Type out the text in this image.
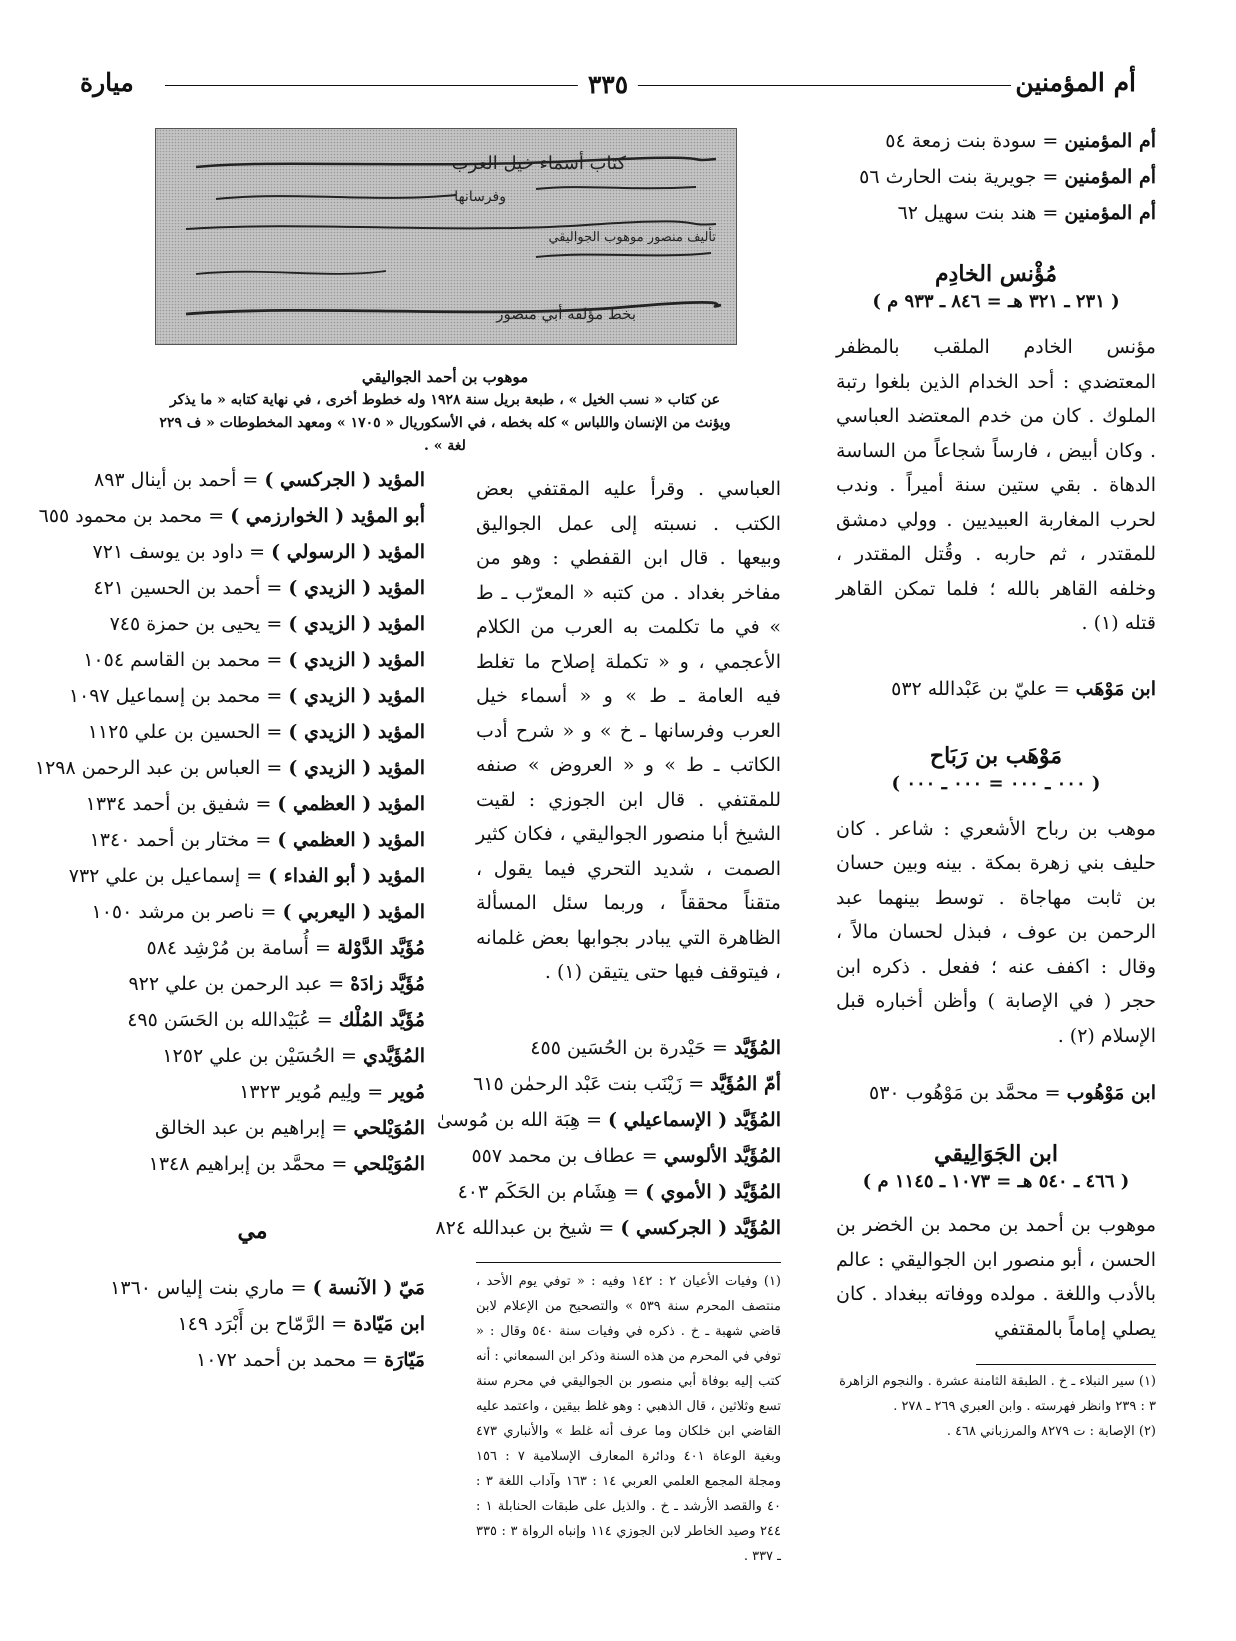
أم المؤمنين
٣٣٥
ميارة
أم المؤمنين = سودة بنت زمعة ٥٤
أم المؤمنين = جويرية بنت الحارث ٥٦
أم المؤمنين = هند بنت سهيل ٦٢
مُؤْنس الخادِم
( ٢٣١ ـ ٣٢١ هـ = ٨٤٦ ـ ٩٣٣ م )
مؤنس الخادم الملقب بالمظفر المعتضدي : أحد الخدام الذين بلغوا رتبة الملوك . كان من خدم المعتضد العباسي . وكان أبيض ، فارساً شجاعاً من الساسة الدهاة . بقي ستين سنة أميراً . وندب لحرب المغاربة العبيديين . وولي دمشق للمقتدر ، ثم حاربه . وقُتل المقتدر ، وخلفه القاهر بالله ؛ فلما تمكن القاهر قتله (١) .
ابن مَوْهَب = عليّ بن عَبْدالله ٥٣٢
مَوْهَب بن رَبَاح
( ٠٠٠ ـ ٠٠٠ = ٠٠٠ ـ ٠٠٠ )
موهب بن رباح الأشعري : شاعر . كان حليف بني زهرة بمكة . بينه وبين حسان بن ثابت مهاجاة . توسط بينهما عبد الرحمن بن عوف ، فبذل لحسان مالاً ، وقال : اكفف عنه ؛ ففعل . ذكره ابن حجر ( في الإصابة ) وأظن أخباره قبل الإسلام (٢) .
ابن مَوْهُوب = محمَّد بن مَوْهُوب ٥٣٠
ابن الجَوَالِيقي
( ٤٦٦ ـ ٥٤٠ هـ = ١٠٧٣ ـ ١١٤٥ م )
موهوب بن أحمد بن محمد بن الخضر بن الحسن ، أبو منصور ابن الجواليقي : عالم بالأدب واللغة . مولده ووفاته ببغداد . كان يصلي إماماً بالمقتفي
(١) سير النبلاء ـ خ . الطبقة الثامنة عشرة . والنجوم الزاهرة ٣ : ٢٣٩ وانظر فهرسته . وابن العبري ٢٦٩ ـ ٢٧٨ .
(٢) الإصابة : ت ٨٢٧٩ والمرزباني ٤٦٨ .
كتاب أسماء خيل العرب
وفرسانها
تأليف منصور موهوب الجواليقي
بخط مؤلفه أبي منصور
موهوب بن أحمد الجواليقي
عن كتاب « نسب الخيل » ، طبعة بريل سنة ١٩٢٨ وله خطوط أخرى ، في نهاية كتابه « ما يذكر ويؤنث من الإنسان واللباس » كله بخطه ، في الأسكوريال « ١٧٠٥ » ومعهد المخطوطات « ف ٢٢٩ لغة » .
العباسي . وقرأ عليه المقتفي بعض الكتب . نسبته إلى عمل الجواليق وبيعها . قال ابن القفطي : وهو من مفاخر بغداد . من كتبه « المعرّب ـ ط » في ما تكلمت به العرب من الكلام الأعجمي ، و « تكملة إصلاح ما تغلط فيه العامة ـ ط » و « أسماء خيل العرب وفرسانها ـ خ » و « شرح أدب الكاتب ـ ط » و « العروض » صنفه للمقتفي . قال ابن الجوزي : لقيت الشيخ أبا منصور الجواليقي ، فكان كثير الصمت ، شديد التحري فيما يقول ، متقناً محققاً ، وربما سئل المسألة الظاهرة التي يبادر بجوابها بعض غلمانه ، فيتوقف فيها حتى يتيقن (١) .
المُؤَيَّد = حَيْدرة بن الحُسَين ٤٥٥
أمّ المُؤَيَّد = زَيْنَب بنت عَبْد الرحمٰن ٦١٥
المُؤَيَّد ( الإسماعيلي ) = هِبَة الله بن مُوسىٰ
المُؤَيَّد الألوسي = عطاف بن محمد ٥٥٧
المُؤَيَّد ( الأموي ) = هِشَام بن الحَكَم ٤٠٣
المُؤَيَّد ( الجركسي ) = شيخ بن عبدالله ٨٢٤
(١) وفيات الأعيان ٢ : ١٤٢ وفيه : « توفي يوم الأحد ، منتصف المحرم سنة ٥٣٩ » والتصحيح من الإعلام لابن قاضي شهبة ـ خ . ذكره في وفيات سنة ٥٤٠ وقال : « توفي في المحرم من هذه السنة وذكر ابن السمعاني : أنه كتب إليه بوفاة أبي منصور بن الجواليقي في محرم سنة تسع وثلاثين ، قال الذهبي : وهو غلط بيقين ، واعتمد عليه القاضي ابن خلكان وما عرف أنه غلط » والأنباري ٤٧٣ وبغية الوعاة ٤٠١ ودائرة المعارف الإسلامية ٧ : ١٥٦ ومجلة المجمع العلمي العربي ١٤ : ١٦٣ وآداب اللغة ٣ : ٤٠ والقصد الأرشد ـ خ . والذيل على طبقات الحنابلة ١ : ٢٤٤ وصيد الخاطر لابن الجوزي ١١٤ وإنباه الرواة ٣ : ٣٣٥ ـ ٣٣٧ .
المؤيد ( الجركسي ) = أحمد بن أينال ٨٩٣
أبو المؤيد ( الخوارزمي ) = محمد بن محمود ٦٥٥
المؤيد ( الرسولي ) = داود بن يوسف ٧٢١
المؤيد ( الزيدي ) = أحمد بن الحسين ٤٢١
المؤيد ( الزيدي ) = يحيى بن حمزة ٧٤٥
المؤيد ( الزيدي ) = محمد بن القاسم ١٠٥٤
المؤيد ( الزيدي ) = محمد بن إسماعيل ١٠٩٧
المؤيد ( الزيدي ) = الحسين بن علي ١١٢٥
المؤيد ( الزيدي ) = العباس بن عبد الرحمن ١٢٩٨
المؤيد ( العظمي ) = شفيق بن أحمد ١٣٣٤
المؤيد ( العظمي ) = مختار بن أحمد ١٣٤٠
المؤيد ( أبو الفداء ) = إسماعيل بن علي ٧٣٢
المؤيد ( اليعربي ) = ناصر بن مرشد ١٠٥٠
مُؤَيَّد الدَّوْلة = أُسامة بن مُرْشِد ٥٨٤
مُؤَيَّد زادَهْ = عبد الرحمن بن علي ٩٢٢
مُؤَيَّد المُلْك = عُبَيْدالله بن الحَسَن ٤٩٥
المُؤَيَّدي = الحُسَيْن بن علي ١٢٥٢
مُوير = ولِيم مُوير ١٣٢٣
المُوَيْلحي = إبراهيم بن عبد الخالق
المُوَيْلحي = محمَّد بن إبراهيم ١٣٤٨
مي
مَيّ ( الآنسة ) = ماري بنت إلياس ١٣٦٠
ابن مَيّادة = الرَّمّاح بن أَبْرَد ١٤٩
مَيّارَة = محمد بن أحمد ١٠٧٢
